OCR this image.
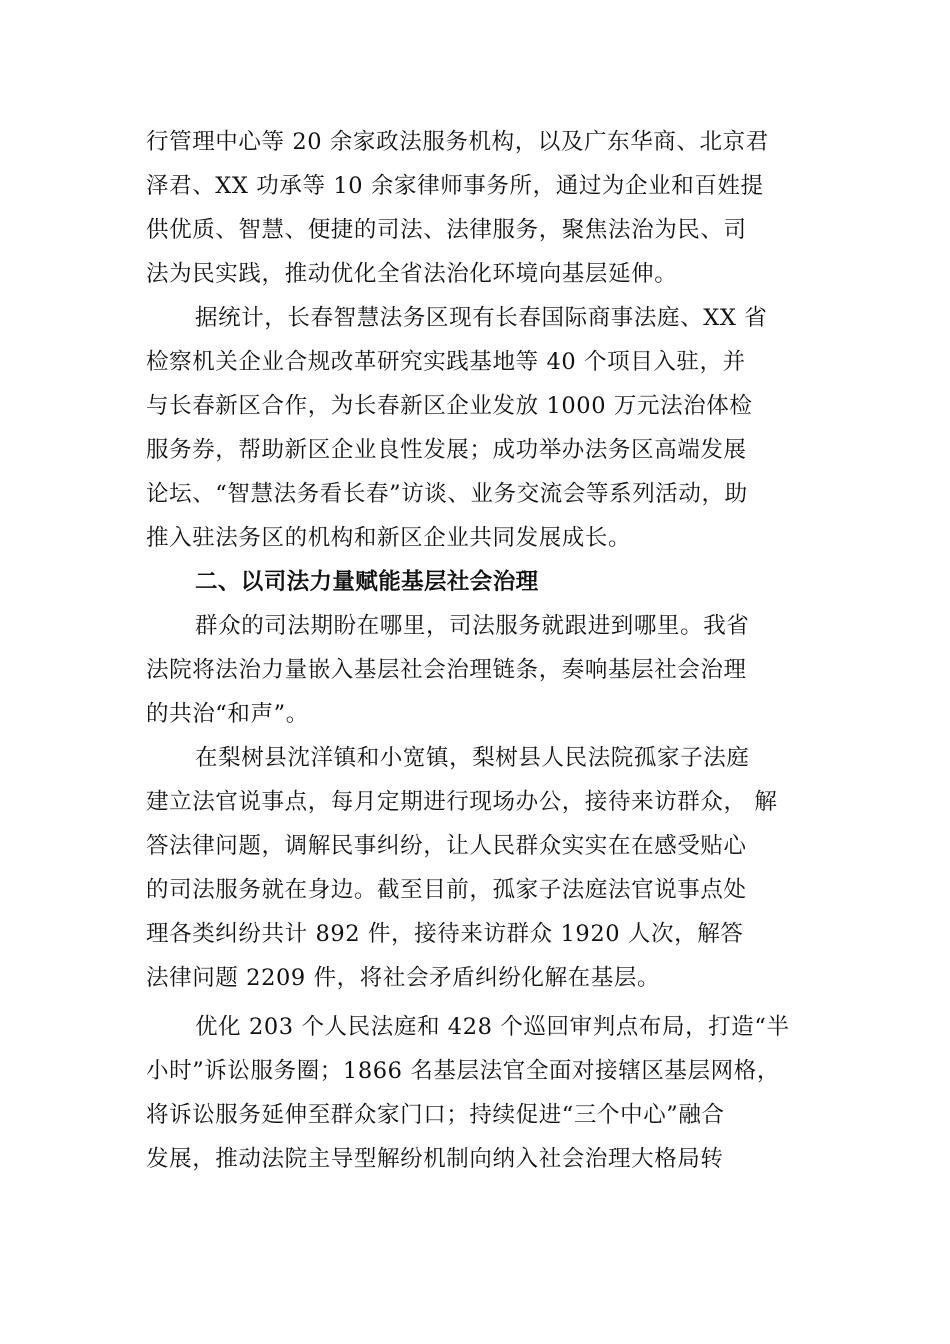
行管理中心等 20 余家政法服务机构，以及广东华商、北京君
泽君、XX 功承等 10 余家律师事务所，通过为企业和百姓提
供优质、智慧、便捷的司法、法律服务，聚焦法治为民、司
法为民实践，推动优化全省法治化环境向基层延伸。
据统计，长春智慧法务区现有长春国际商事法庭、XX 省
检察机关企业合规改革研究实践基地等 40 个项目入驻，并
与长春新区合作，为长春新区企业发放 1000 万元法治体检
服务券，帮助新区企业良性发展；成功举办法务区高端发展
论坛、“智慧法务看长春”访谈、业务交流会等系列活动，助
推入驻法务区的机构和新区企业共同发展成长。
二、以司法力量赋能基层社会治理
群众的司法期盼在哪里，司法服务就跟进到哪里。我省
法院将法治力量嵌入基层社会治理链条，奏响基层社会治理
的共治“和声”。
在梨树县沈洋镇和小宽镇，梨树县人民法院孤家子法庭
建立法官说事点，每月定期进行现场办公，接待来访群众， 解
答法律问题，调解民事纠纷，让人民群众实实在在感受贴心
的司法服务就在身边。截至目前，孤家子法庭法官说事点处
理各类纠纷共计 892 件，接待来访群众 1920 人次，解答
法律问题 2209 件，将社会矛盾纠纷化解在基层。
优化 203 个人民法庭和 428 个巡回审判点布局，打造“半
小时”诉讼服务圈；1866 名基层法官全面对接辖区基层网格，
将诉讼服务延伸至群众家门口；持续促进“三个中心”融合
发展，推动法院主导型解纷机制向纳入社会治理大格局转
